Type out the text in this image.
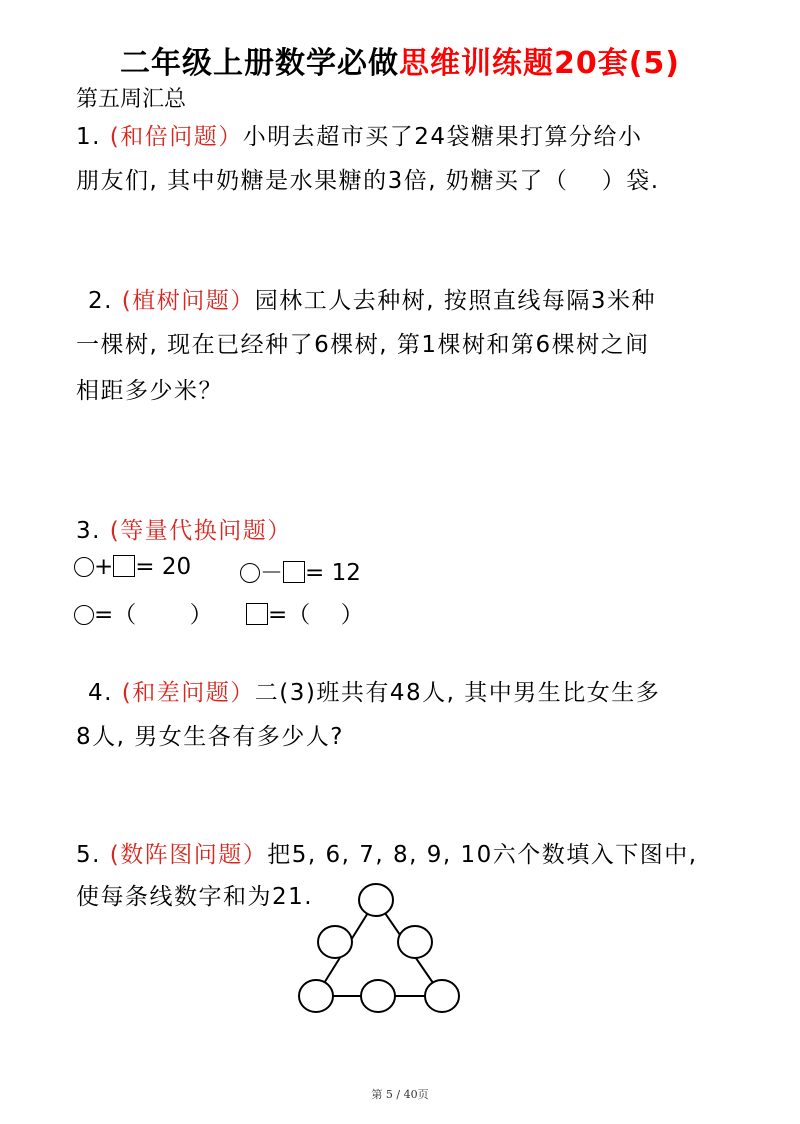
二年级上册数学必做思维训练题20套(5)
第五周汇总
1. (和倍问题）小明去超市买了24袋糖果打算分给小
朋友们, 其中奶糖是水果糖的3倍, 奶糖买了（　 ）袋.
2. (植树问题）园林工人去种树, 按照直线每隔3米种
一棵树, 现在已经种了6棵树, 第1棵树和第6棵树之间
相距多少米？
3. (等量代换问题）
+ = 20	－ = 12
=（　　 ）	=（　 ）
4. (和差问题）二(3)班共有48人, 其中男生比女生多
8人, 男女生各有多少人?
5. (数阵图问题）把5, 6, 7, 8, 9, 10六个数填入下图中,
使每条线数字和为21.
第 5 / 40页
